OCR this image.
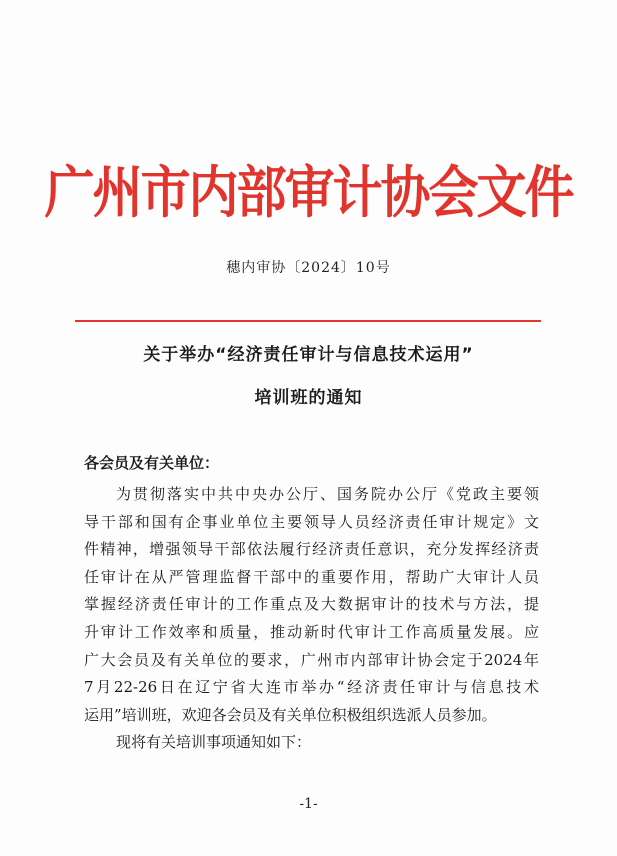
广州市内部审计协会文件
穗内审协〔2024〕10号
关于举办“经济责任审计与信息技术运用”
培训班的通知
各会员及有关单位：
为贯彻落实中共中央办公厅、国务院办公厅《党政主要领
导干部和国有企事业单位主要领导人员经济责任审计规定》文
件精神，增强领导干部依法履行经济责任意识，充分发挥经济责
任审计在从严管理监督干部中的重要作用，帮助广大审计人员
掌握经济责任审计的工作重点及大数据审计的技术与方法，提
升审计工作效率和质量，推动新时代审计工作高质量发展。应
广大会员及有关单位的要求，广州市内部审计协会定于2024年
7月22-26日在辽宁省大连市举办“经济责任审计与信息技术
运用”培训班，欢迎各会员及有关单位积极组织选派人员参加。
现将有关培训事项通知如下：
-1-
